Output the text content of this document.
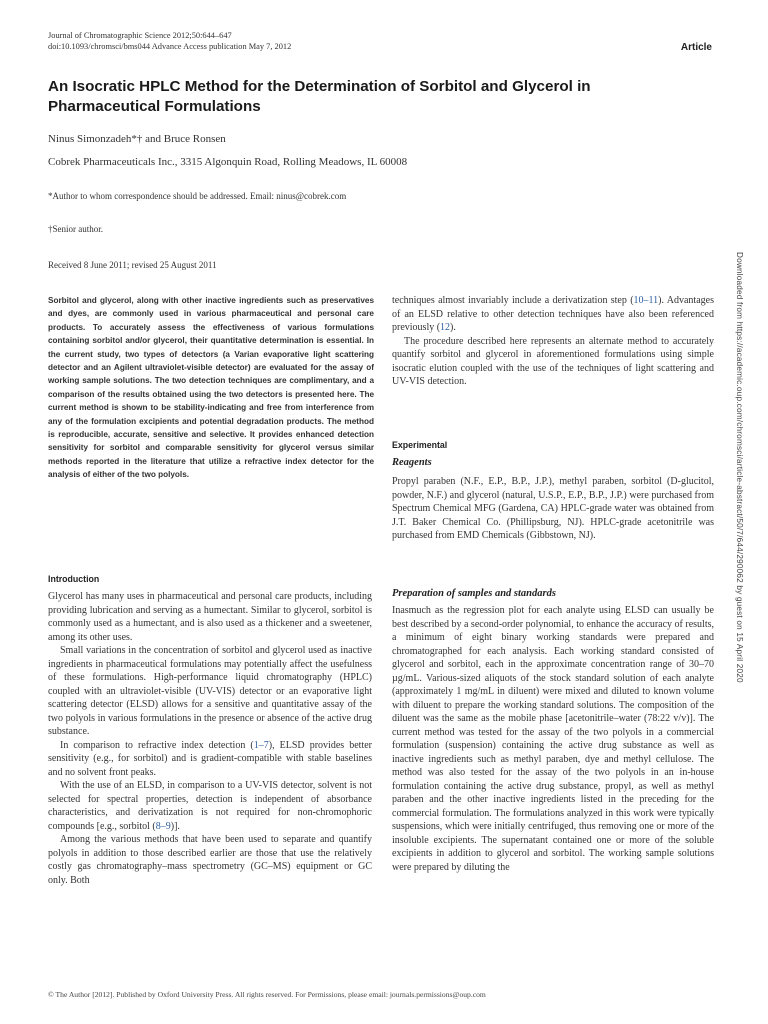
Journal of Chromatographic Science 2012;50:644–647
doi:10.1093/chromsci/bms044 Advance Access publication May 7, 2012	Article
An Isocratic HPLC Method for the Determination of Sorbitol and Glycerol in Pharmaceutical Formulations
Ninus Simonzadeh*† and Bruce Ronsen
Cobrek Pharmaceuticals Inc., 3315 Algonquin Road, Rolling Meadows, IL 60008
*Author to whom correspondence should be addressed. Email: ninus@cobrek.com
†Senior author.
Received 8 June 2011; revised 25 August 2011
Sorbitol and glycerol, along with other inactive ingredients such as preservatives and dyes, are commonly used in various pharmaceutical and personal care products. To accurately assess the effectiveness of various formulations containing sorbitol and/or glycerol, their quantitative determination is essential. In the current study, two types of detectors (a Varian evaporative light scattering detector and an Agilent ultraviolet-visible detector) are evaluated for the assay of working sample solutions. The two detection techniques are complimentary, and a comparison of the results obtained using the two detectors is presented here. The current method is shown to be stability-indicating and free from interference from any of the formulation excipients and potential degradation products. The method is reproducible, accurate, sensitive and selective. It provides enhanced detection sensitivity for sorbitol and comparable sensitivity for glycerol versus similar methods reported in the literature that utilize a refractive index detector for the analysis of either of the two polyols.
Introduction

Glycerol has many uses in pharmaceutical and personal care products, including providing lubrication and serving as a humectant. Similar to glycerol, sorbitol is commonly used as a humectant, and is also used as a thickener and a sweetener, among its other uses.

Small variations in the concentration of sorbitol and glycerol used as inactive ingredients in pharmaceutical formulations may potentially affect the usefulness of these formulations. High-performance liquid chromatography (HPLC) coupled with an ultraviolet-visible (UV-VIS) detector or an evaporative light scattering detector (ELSD) allows for a sensitive and quantitative assay of the two polyols in various formulations in the presence or absence of the active drug substance.

In comparison to refractive index detection (1–7), ELSD provides better sensitivity (e.g., for sorbitol) and is gradient-compatible with stable baselines and no solvent front peaks.

With the use of an ELSD, in comparison to a UV-VIS detector, solvent is not selected for spectral properties, detection is independent of absorbance characteristics, and derivatization is not required for non-chromophoric compounds [e.g., sorbitol (8–9)].

Among the various methods that have been used to separate and quantify polyols in addition to those described earlier are those that use the relatively costly gas chromatography–mass spectrometry (GC–MS) equipment or GC only. Both

techniques almost invariably include a derivatization step (10–11). Advantages of an ELSD relative to other detection techniques have also been referenced previously (12).

The procedure described here represents an alternate method to accurately quantify sorbitol and glycerol in aforementioned formulations using simple isocratic elution coupled with the use of the techniques of light scattering and UV-VIS detection.

Experimental
Reagents

Propyl paraben (N.F., E.P., B.P., J.P.), methyl paraben, sorbitol (D-glucitol, powder, N.F.) and glycerol (natural, U.S.P., E.P., B.P., J.P.) were purchased from Spectrum Chemical MFG (Gardena, CA) HPLC-grade water was obtained from J.T. Baker Chemical Co. (Phillipsburg, NJ). HPLC-grade acetonitrile was purchased from EMD Chemicals (Gibbstown, NJ).

Preparation of samples and standards

Inasmuch as the regression plot for each analyte using ELSD can usually be best described by a second-order polynomial, to enhance the accuracy of results, a minimum of eight binary working standards were prepared and chromatographed for each analysis. Each working standard consisted of glycerol and sorbitol, each in the approximate concentration range of 30–70 µg/mL. Various-sized aliquots of the stock standard solution of each analyte (approximately 1 mg/mL in diluent) were mixed and diluted to known volume with diluent to prepare the working standard solutions. The composition of the diluent was the same as the mobile phase [acetonitrile–water (78:22 v/v)]. The current method was tested for the assay of the two polyols in a commercial formulation (suspension) containing the active drug substance as well as inactive ingredients such as methyl paraben, dye and methyl cellulose. The method was also tested for the assay of the two polyols in an in-house formulation containing the active drug substance, propyl, as well as methyl paraben and the other inactive ingredients listed in the preceding for the commercial formulation. The formulations analyzed in this work were typically suspensions, which were initially centrifuged, thus removing one or more of the insoluble excipients. The supernatant contained one or more of the soluble excipients in addition to glycerol and sorbitol. The working sample solutions were prepared by diluting the

Downloaded from https://academic.oup.com/chromsci/article-abstract/50/7/644/290062 by guest on 15 April 2020
© The Author [2012]. Published by Oxford University Press. All rights reserved. For Permissions, please email: journals.permissions@oup.com
